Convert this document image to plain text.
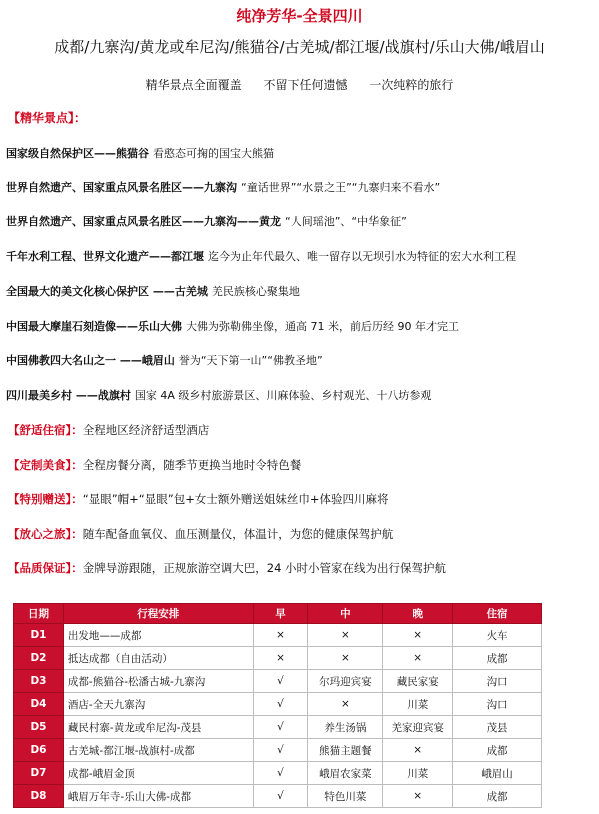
纯净芳华-全景四川
成都/九寨沟/黄龙或牟尼沟/熊猫谷/古羌城/都江堰/战旗村/乐山大佛/峨眉山
精华景点全面覆盖 不留下任何遗憾 一次纯粹的旅行
【精华景点】：
国家级自然保护区——熊猫谷 看憨态可掬的国宝大熊猫
世界自然遗产、国家重点风景名胜区——九寨沟 “童话世界”“水景之王”“九寨归来不看水”
世界自然遗产、国家重点风景名胜区——九寨沟——黄龙 “人间瑶池”、“中华象征”
千年水利工程、世界文化遗产——都江堰 迄今为止年代最久、唯一留存以无坝引水为特征的宏大水利工程
全国最大的美文化核心保护区 ——古羌城 羌民族核心聚集地
中国最大摩崖石刻造像——乐山大佛 大佛为弥勒佛坐像，通高 71 米，前后历经 90 年才完工
中国佛教四大名山之一 ——峨眉山 誉为“天下第一山”“佛教圣地”
四川最美乡村 ——战旗村 国家 4A 级乡村旅游景区、川麻体验、乡村观光、十八坊参观
【舒适住宿】：全程地区经济舒适型酒店
【定制美食】：全程房餐分离，随季节更换当地时令特色餐
【特别赠送】：“显眼”帽+“显眼”包+女士额外赠送姐妹丝巾+体验四川麻将
【放心之旅】：随车配备血氧仪、血压测量仪，体温计，为您的健康保驾护航
【品质保证】：金牌导游跟随，正规旅游空调大巴，24 小时小管家在线为出行保驾护航
日期	行程安排	早	中	晚	住宿
D1	出发地——成都	×	×	×	火车
D2	抵达成都（自由活动）	×	×	×	成都
D3	成都-熊猫谷-松潘古城-九寨沟	√	尔玛迎宾宴	藏民家宴	沟口
D4	酒店-全天九寨沟	√	×	川菜	沟口
D5	藏民村寨-黄龙或牟尼沟-茂县	√	养生汤锅	羌家迎宾宴	茂县
D6	古羌城-都江堰-战旗村-成都	√	熊猫主题餐	×	成都
D7	成都-峨眉金顶	√	峨眉农家菜	川菜	峨眉山
D8	峨眉万年寺-乐山大佛-成都	√	特色川菜	×	成都
